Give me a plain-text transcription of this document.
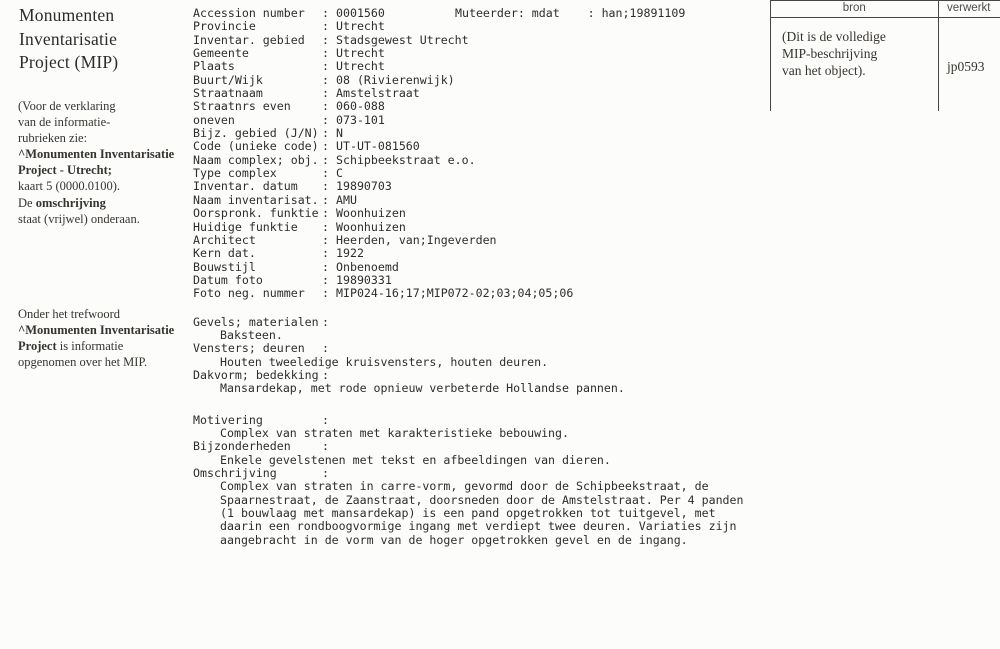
Monumenten
Inventarisatie
Project (MIP)
(Voor de verklaring
van de informatie-
rubrieken zie:
^Monumenten Inventarisatie
Project - Utrecht;
kaart 5 (0000.0100).
De omschrijving
staat (vrijwel) onderaan.
Onder het trefwoord
^Monumenten Inventarisatie
Project is informatie
opgenomen over het MIP.
Accession number	: 0001560	Muteerder: mdat    : han;19891109
Provincie	: Utrecht
Inventar. gebied	: Stadsgewest Utrecht
Gemeente	: Utrecht
Plaats	: Utrecht
Buurt/Wijk	: 08 (Rivierenwijk)
Straatnaam	: Amstelstraat
Straatnrs even	: 060-088
oneven	: 073-101
Bijz. gebied (J/N) : N
Code (unieke code) : UT-UT-081560
Naam complex; obj. : Schipbeekstraat e.o.
Type complex	: C
Inventar. datum	: 19890703
Naam inventarisat. : AMU
Oorspronk. funktie : Woonhuizen
Huidige funktie	: Woonhuizen
Architect	: Heerden, van;Ingeverden
Kern dat.	: 1922
Bouwstijl	: Onbenoemd
Datum foto	: 19890331
Foto neg. nummer	: MIP024-16;17;MIP072-02;03;04;05;06
Gevels; materialen :
Baksteen.
Vensters; deuren	:
Houten tweeledige kruisvensters, houten deuren.
Dakvorm; bedekking :
Mansardekap, met rode opnieuw verbeterde Hollandse pannen.
Motivering	:
Complex van straten met karakteristieke bebouwing.
Bijzonderheden	:
Enkele gevelstenen met tekst en afbeeldingen van dieren.
Omschrijving	:
Complex van straten in carre-vorm, gevormd door de Schipbeekstraat, de
Spaarnestraat, de Zaanstraat, doorsneden door de Amstelstraat. Per 4 panden
(1 bouwlaag met mansardekap) is een pand opgetrokken tot tuitgevel, met
daarin een rondboogvormige ingang met verdiept twee deuren. Variaties zijn
aangebracht in de vorm van de hoger opgetrokken gevel en de ingang.
bron	verwerkt
(Dit is de volledige
MIP-beschrijving
van het object).	jp0593
